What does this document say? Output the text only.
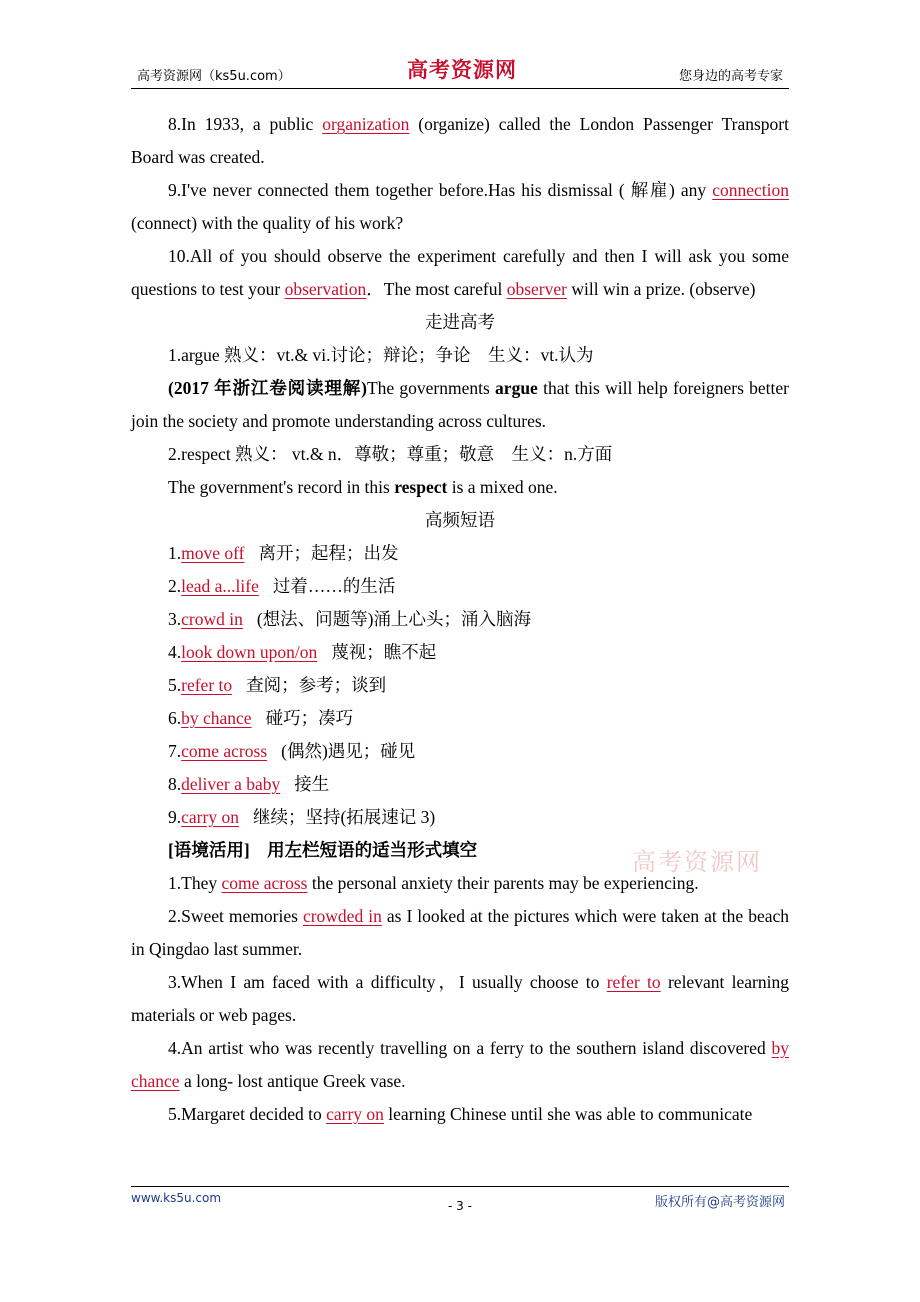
高考资源网（ks5u.com）	高考资源网	您身边的高考专家

8.In 1933, a public organization (organize) called the London Passenger Transport Board was created.

9.I've never connected them together before.Has his dismissal ( 解雇) any connection (connect) with the quality of his work?

10.All of you should observe the experiment carefully and then I will ask you some questions to test your observation．The most careful observer will win a prize. (observe)

走进高考

1.argue 熟义：vt.& vi.讨论；辩论；争论　生义：vt.认为

(2017 年浙江卷阅读理解)The governments argue that this will help foreigners better join the society and promote understanding across cultures.

2.respect 熟义： vt.& n．尊敬；尊重；敬意　生义：n.方面

The government's record in this respect is a mixed one.

高频短语

1.move off 离开；起程；出发

2.lead a...life 过着……的生活

3.crowd in (想法、问题等)涌上心头；涌入脑海

4.look down upon/on 蔑视；瞧不起

5.refer to 查阅；参考；谈到

6.by chance 碰巧；凑巧

7.come across (偶然)遇见；碰见

8.deliver a baby 接生

9.carry on 继续；坚持(拓展速记 3)

[语境活用]　用左栏短语的适当形式填空

1.They come across the personal anxiety their parents may be experiencing.

2.Sweet memories crowded in as I looked at the pictures which were taken at the beach in Qingdao last summer.

3.When I am faced with a difficulty，I usually choose to refer to relevant learning materials or web pages.

4.An artist who was recently travelling on a ferry to the southern island discovered by chance a long- lost antique Greek vase.

5.Margaret decided to carry on learning Chinese until she was able to communicate

高考资源网
www.ks5u.com
- 3 -	版权所有@高考资源网
